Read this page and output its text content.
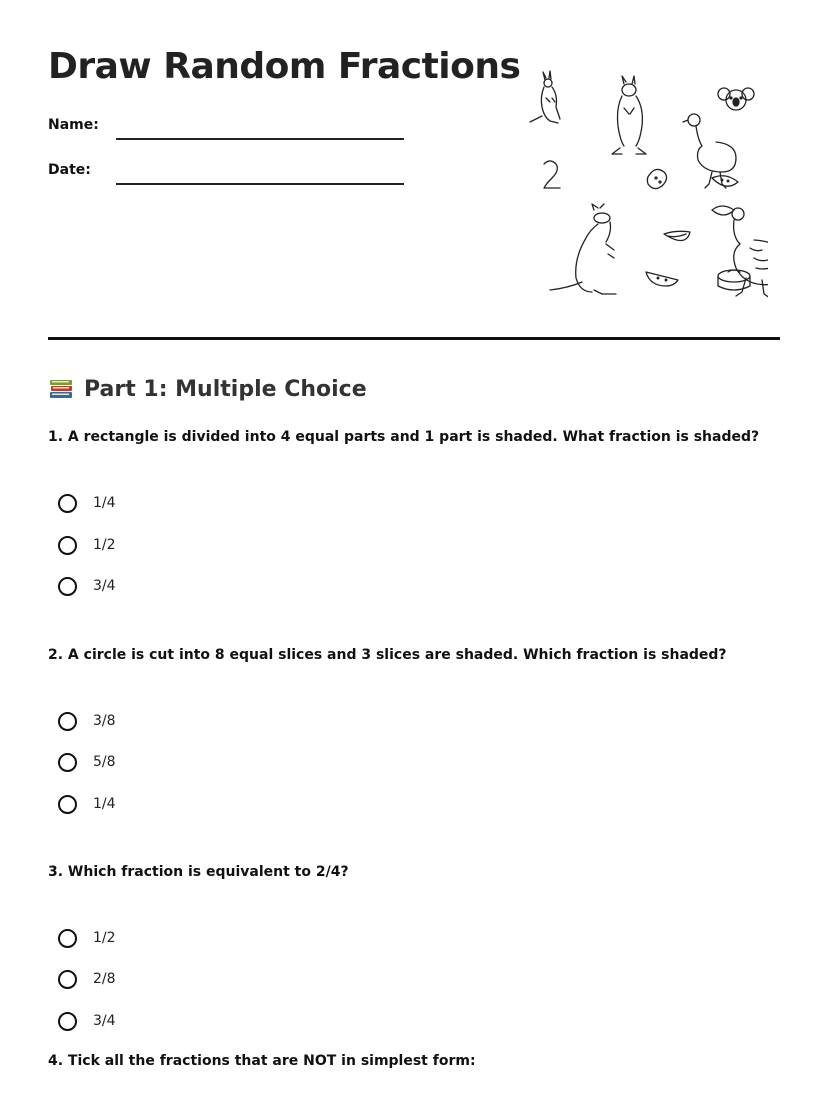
Draw Random Fractions
Name:
Date:
Part 1: Multiple Choice
1. A rectangle is divided into 4 equal parts and 1 part is shaded. What fraction is shaded?
1/4
1/2
3/4
2. A circle is cut into 8 equal slices and 3 slices are shaded. Which fraction is shaded?
3/8
5/8
1/4
3. Which fraction is equivalent to 2/4?
1/2
2/8
3/4
4. Tick all the fractions that are NOT in simplest form:
